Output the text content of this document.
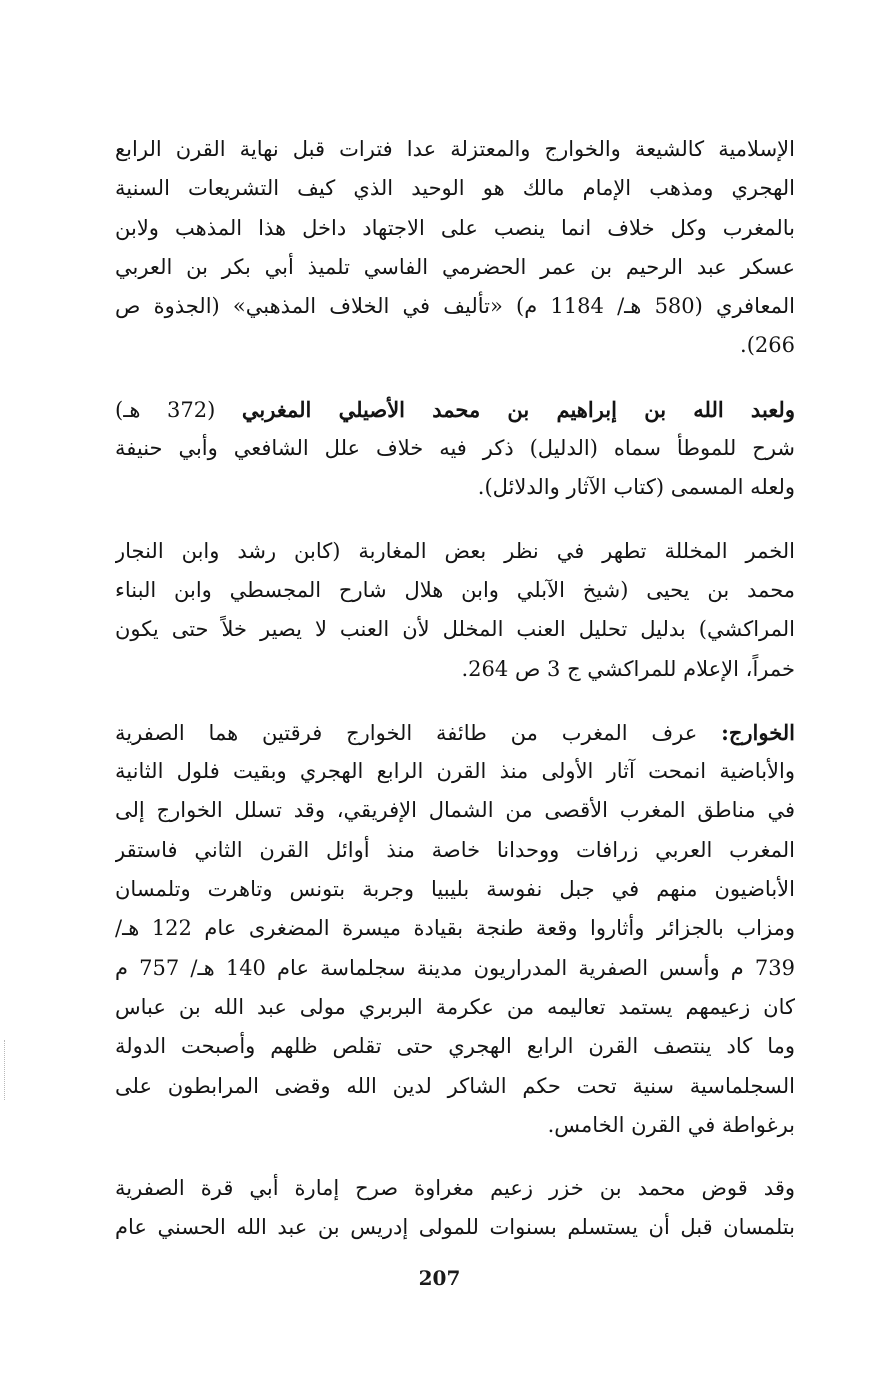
الإسلامية كالشيعة والخوارج والمعتزلة عدا فترات قبل نهاية القرن الرابع
الهجري ومذهب الإمام مالك هو الوحيد الذي كيف التشريعات السنية
بالمغرب وكل خلاف انما ينصب على الاجتهاد داخل هذا المذهب ولابن
عسكر عبد الرحيم بن عمر الحضرمي الفاسي تلميذ أبي بكر بن العربي
المعافري (580 هـ/ 1184 م) «تأليف في الخلاف المذهبي» (الجذوة ص
266).
ولعبد الله بن إبراهيم بن محمد الأصيلي المغربي (372 هـ)
شرح للموطأ سماه (الدليل) ذكر فيه خلاف علل الشافعي وأبي حنيفة
ولعله المسمى (كتاب الآثار والدلائل).
الخمر المخللة تطهر في نظر بعض المغاربة (كابن رشد وابن النجار
محمد بن يحيى (شيخ الآبلي وابن هلال شارح المجسطي وابن البناء
المراكشي) بدليل تحليل العنب المخلل لأن العنب لا يصير خلاً حتى يكون
خمراً، الإعلام للمراكشي ج 3 ص 264.
الخوارج: عرف المغرب من طائفة الخوارج فرقتين هما الصفرية
والأباضية انمحت آثار الأولى منذ القرن الرابع الهجري وبقيت فلول الثانية
في مناطق المغرب الأقصى من الشمال الإفريقي، وقد تسلل الخوارج إلى
المغرب العربي زرافات ووحدانا خاصة منذ أوائل القرن الثاني فاستقر
الأباضيون منهم في جبل نفوسة بليبيا وجربة بتونس وتاهرت وتلمسان
ومزاب بالجزائر وأثاروا وقعة طنجة بقيادة ميسرة المضغرى عام 122 هـ/
739 م وأسس الصفرية المدراريون مدينة سجلماسة عام 140 هـ/ 757 م
كان زعيمهم يستمد تعاليمه من عكرمة البربري مولى عبد الله بن عباس
وما كاد ينتصف القرن الرابع الهجري حتى تقلص ظلهم وأصبحت الدولة
السجلماسية سنية تحت حكم الشاكر لدين الله وقضى المرابطون على
برغواطة في القرن الخامس.
وقد قوض محمد بن خزر زعيم مغراوة صرح إمارة أبي قرة الصفرية
بتلمسان قبل أن يستسلم بسنوات للمولى إدريس بن عبد الله الحسني عام
207
